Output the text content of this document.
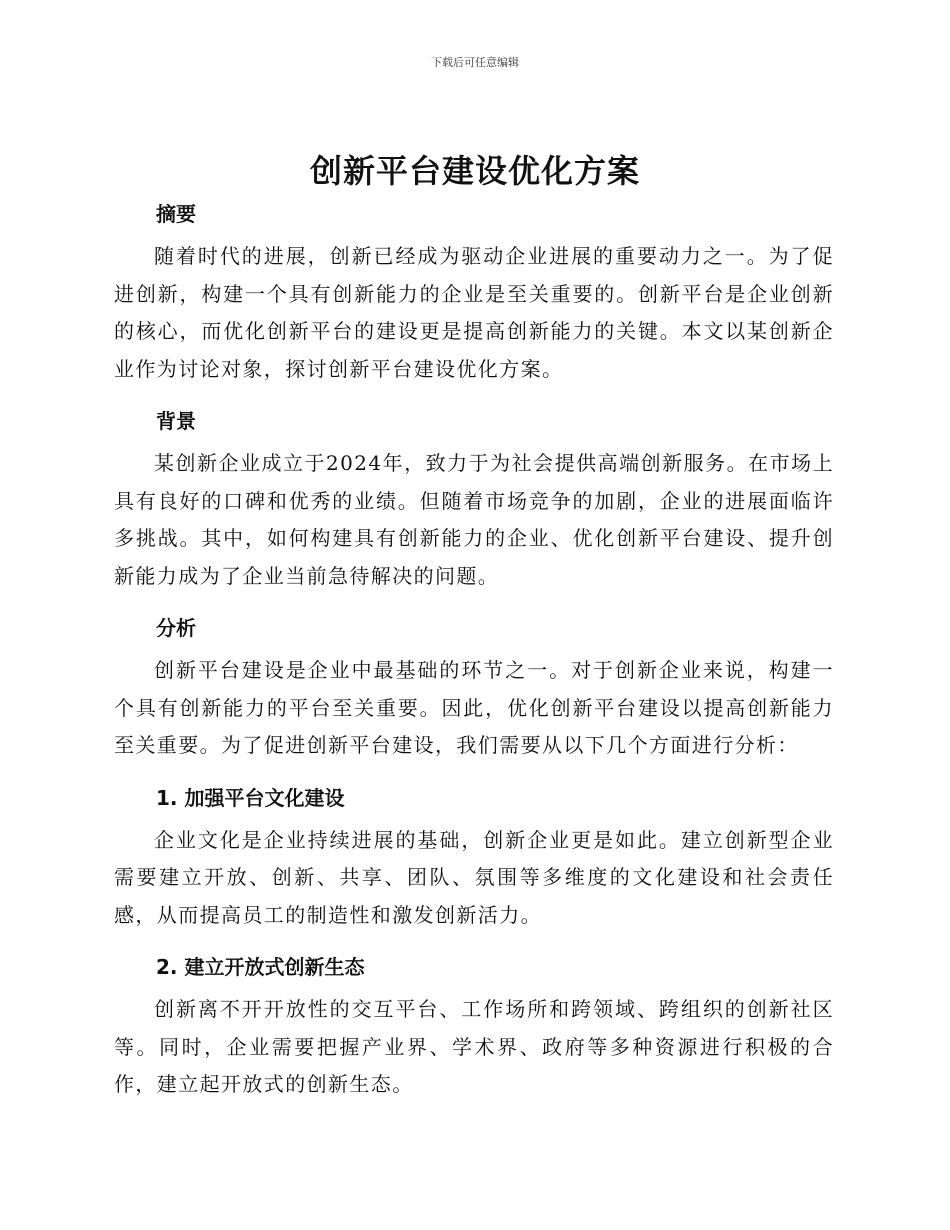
下载后可任意编辑
创新平台建设优化方案
摘要

随着时代的进展，创新已经成为驱动企业进展的重要动力之一。为了促进创新，构建一个具有创新能力的企业是至关重要的。创新平台是企业创新的核心，而优化创新平台的建设更是提高创新能力的关键。本文以某创新企业作为讨论对象，探讨创新平台建设优化方案。

背景

某创新企业成立于2024年，致力于为社会提供高端创新服务。在市场上具有良好的口碑和优秀的业绩。但随着市场竞争的加剧，企业的进展面临许多挑战。其中，如何构建具有创新能力的企业、优化创新平台建设、提升创新能力成为了企业当前急待解决的问题。

分析

创新平台建设是企业中最基础的环节之一。对于创新企业来说，构建一个具有创新能力的平台至关重要。因此，优化创新平台建设以提高创新能力至关重要。为了促进创新平台建设，我们需要从以下几个方面进行分析：

1. 加强平台文化建设

企业文化是企业持续进展的基础，创新企业更是如此。建立创新型企业需要建立开放、创新、共享、团队、氛围等多维度的文化建设和社会责任感，从而提高员工的制造性和激发创新活力。

2. 建立开放式创新生态

创新离不开开放性的交互平台、工作场所和跨领域、跨组织的创新社区等。同时，企业需要把握产业界、学术界、政府等多种资源进行积极的合作，建立起开放式的创新生态。
